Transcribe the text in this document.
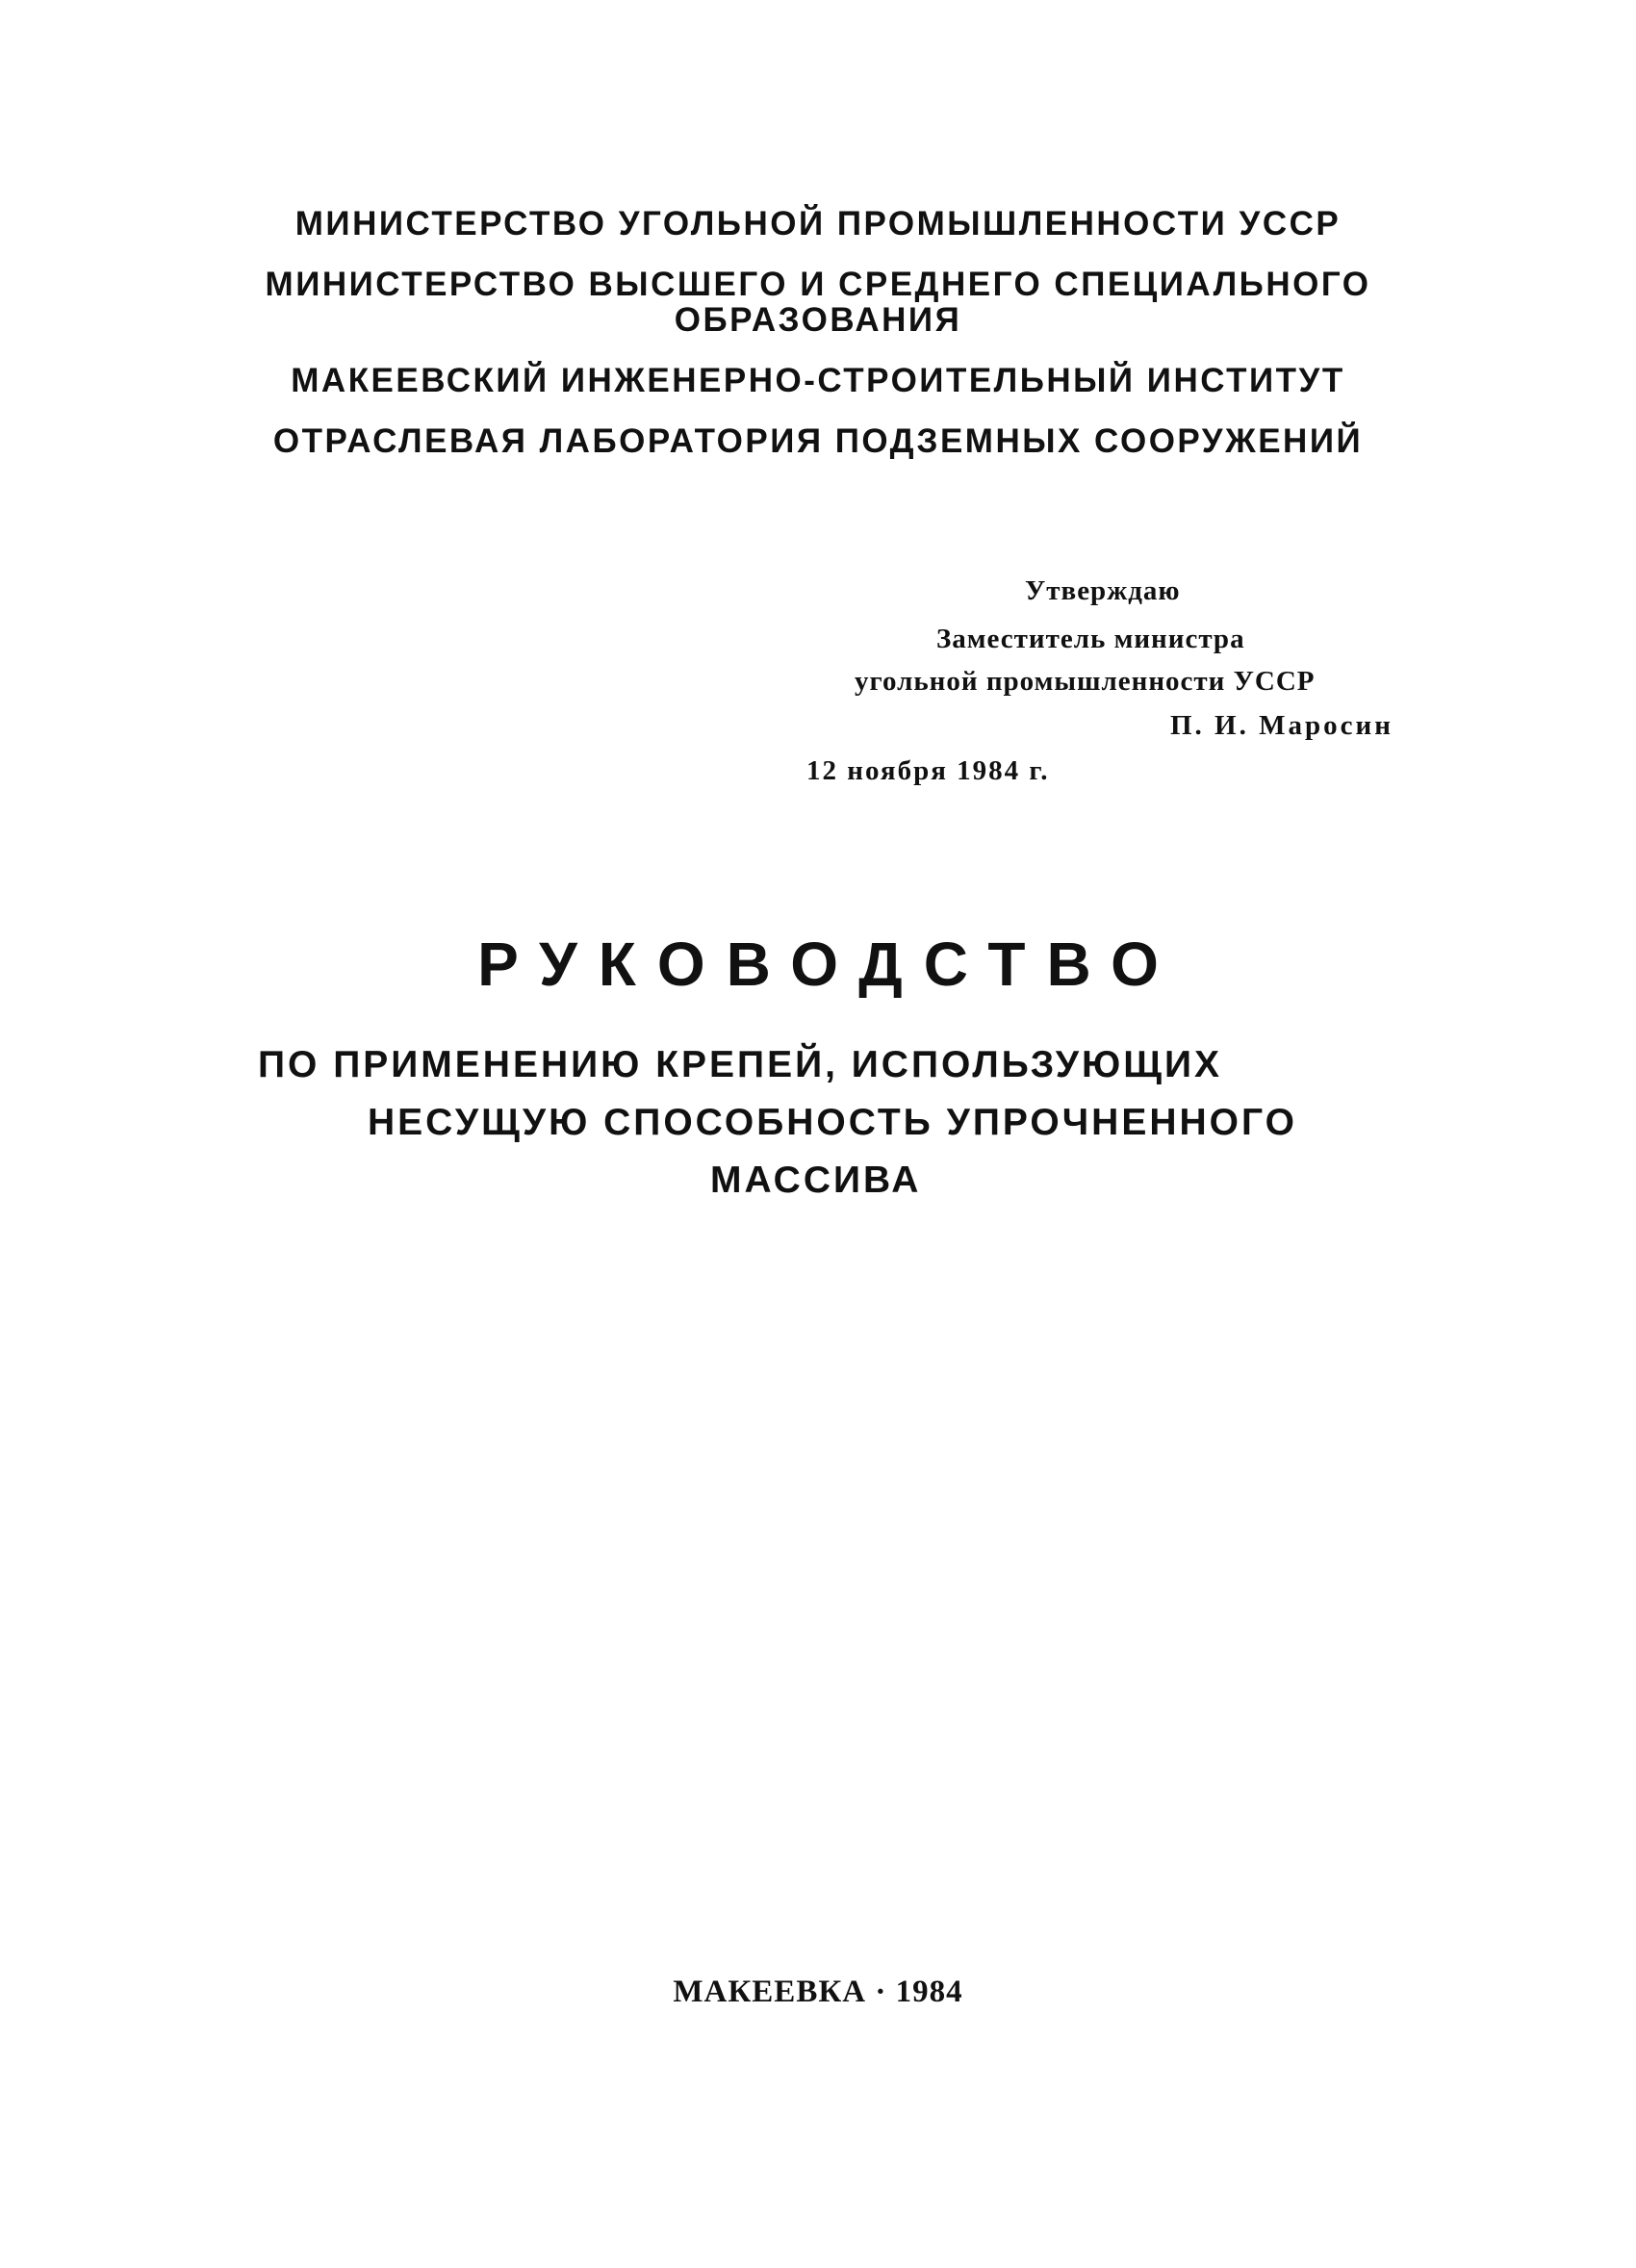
МИНИСТЕРСТВО УГОЛЬНОЙ ПРОМЫШЛЕННОСТИ УССР
МИНИСТЕРСТВО ВЫСШЕГО И СРЕДНЕГО СПЕЦИАЛЬНОГО
ОБРАЗОВАНИЯ
МАКЕЕВСКИЙ ИНЖЕНЕРНО-СТРОИТЕЛЬНЫЙ ИНСТИТУТ
ОТРАСЛЕВАЯ ЛАБОРАТОРИЯ ПОДЗЕМНЫХ СООРУЖЕНИЙ
Утверждаю
Заместитель министра
угольной промышленности УССР
П. И. Маросин
12 ноября 1984 г.
РУКОВОДСТВО
ПО ПРИМЕНЕНИЮ КРЕПЕЙ, ИСПОЛЬЗУЮЩИХ
НЕСУЩУЮ СПОСОБНОСТЬ УПРОЧНЕННОГО
МАССИВА
МАКЕЕВКА · 1984
